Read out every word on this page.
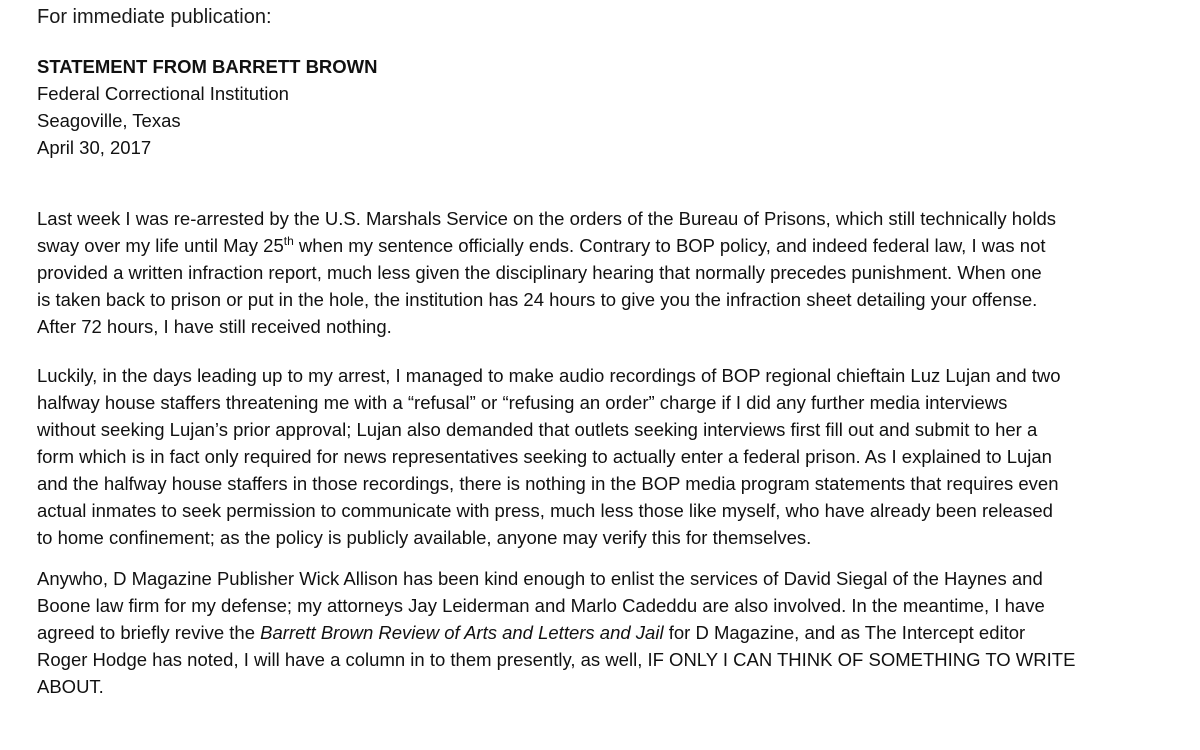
For immediate publication:
STATEMENT FROM BARRETT BROWN
Federal Correctional Institution
Seagoville, Texas
April 30, 2017
Last week I was re-arrested by the U.S. Marshals Service on the orders of the Bureau of Prisons, which still technically holds
sway over my life until May 25th when my sentence officially ends. Contrary to BOP policy, and indeed federal law, I was not
provided a written infraction report, much less given the disciplinary hearing that normally precedes punishment. When one
is taken back to prison or put in the hole, the institution has 24 hours to give you the infraction sheet detailing your offense.
After 72 hours, I have still received nothing.
Luckily, in the days leading up to my arrest, I managed to make audio recordings of BOP regional chieftain Luz Lujan and two
halfway house staffers threatening me with a “refusal” or “refusing an order” charge if I did any further media interviews
without seeking Lujan’s prior approval; Lujan also demanded that outlets seeking interviews first fill out and submit to her a
form which is in fact only required for news representatives seeking to actually enter a federal prison. As I explained to Lujan
and the halfway house staffers in those recordings, there is nothing in the BOP media program statements that requires even
actual inmates to seek permission to communicate with press, much less those like myself, who have already been released
to home confinement; as the policy is publicly available, anyone may verify this for themselves.
Anywho, D Magazine Publisher Wick Allison has been kind enough to enlist the services of David Siegal of the Haynes and
Boone law firm for my defense; my attorneys Jay Leiderman and Marlo Cadeddu are also involved. In the meantime, I have
agreed to briefly revive the Barrett Brown Review of Arts and Letters and Jail for D Magazine, and as The Intercept editor
Roger Hodge has noted, I will have a column in to them presently, as well, IF ONLY I CAN THINK OF SOMETHING TO WRITE
ABOUT.
